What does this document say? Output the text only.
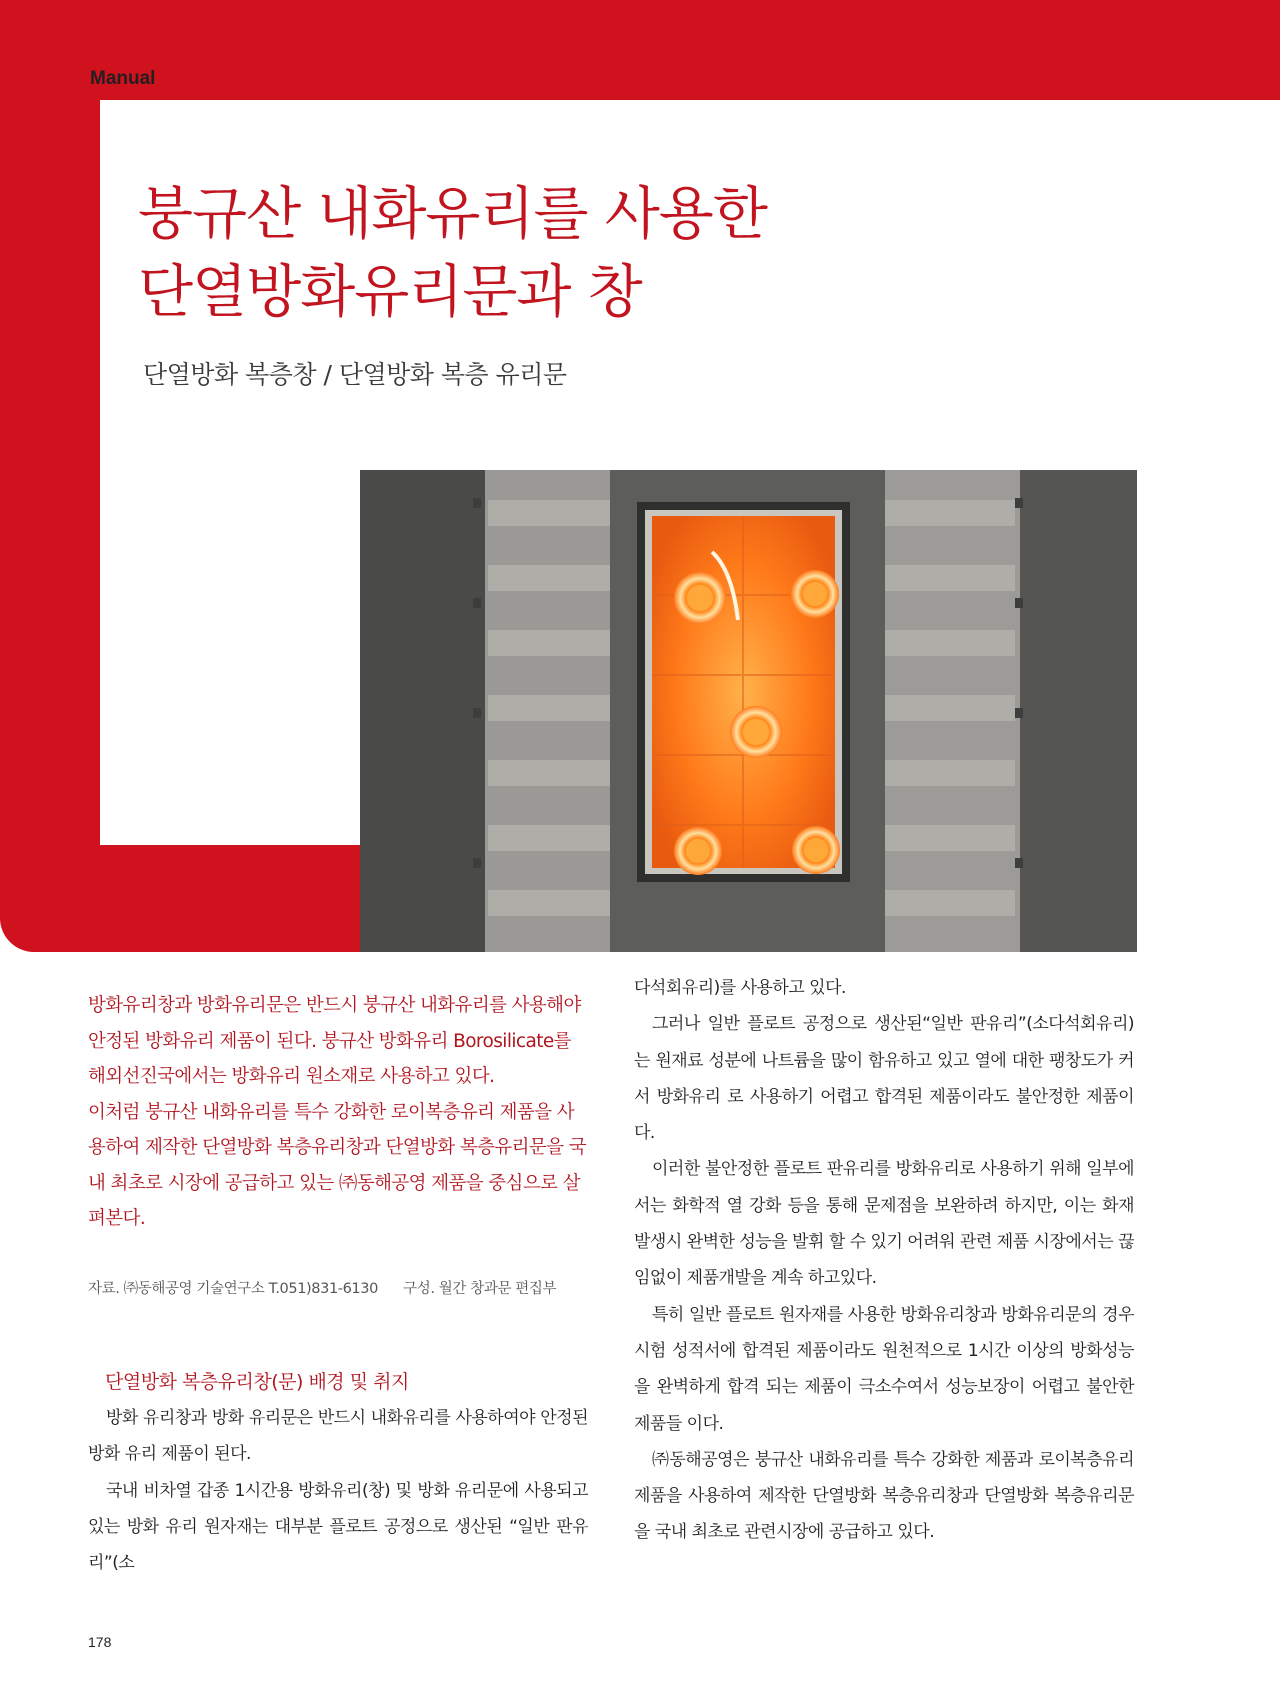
Manual
붕규산 내화유리를 사용한
단열방화유리문과 창
단열방화 복층창 / 단열방화 복층 유리문

방화유리창과 방화유리문은 반드시 붕규산 내화유리를 사용해야 안정된 방화유리 제품이 된다. 붕규산 방화유리 Borosilicate를 해외선진국에서는 방화유리 원소재로 사용하고 있다.

이처럼 붕규산 내화유리를 특수 강화한 로이복층유리 제품을 사용하여 제작한 단열방화 복층유리창과 단열방화 복층유리문을 국내 최초로 시장에 공급하고 있는 ㈜동해공영 제품을 중심으로 살펴본다.

자료. ㈜동해공영 기술연구소 T.051)831-6130 구성. 월간 창과문 편집부
단열방화 복층유리창(문) 배경 및 취지

방화 유리창과 방화 유리문은 반드시 내화유리를 사용하여야 안정된 방화 유리 제품이 된다.

국내 비차열 갑종 1시간용 방화유리(창) 및 방화 유리문에 사용되고 있는 방화 유리 원자재는 대부분 플로트 공정으로 생산된 “일반 판유리”(소

다석회유리)를 사용하고 있다.

그러나 일반 플로트 공정으로 생산된“일반 판유리”(소다석회유리)는 원재료 성분에 나트륨을 많이 함유하고 있고 열에 대한 팽창도가 커서 방화유리 로 사용하기 어렵고 합격된 제품이라도 불안정한 제품이다.

이러한 불안정한 플로트 판유리를 방화유리로 사용하기 위해 일부에서는 화학적 열 강화 등을 통해 문제점을 보완하려 하지만, 이는 화재 발생시 완벽한 성능을 발휘 할 수 있기 어려워 관련 제품 시장에서는 끊임없이 제품개발을 계속 하고있다.

특히 일반 플로트 원자재를 사용한 방화유리창과 방화유리문의 경우 시험 성적서에 합격된 제품이라도 원천적으로 1시간 이상의 방화성능을 완벽하게 합격 되는 제품이 극소수여서 성능보장이 어렵고 불안한 제품들 이다.

㈜동해공영은 붕규산 내화유리를 특수 강화한 제품과 로이복층유리 제품을 사용하여 제작한 단열방화 복층유리창과 단열방화 복층유리문을 국내 최초로 관련시장에 공급하고 있다.

178
